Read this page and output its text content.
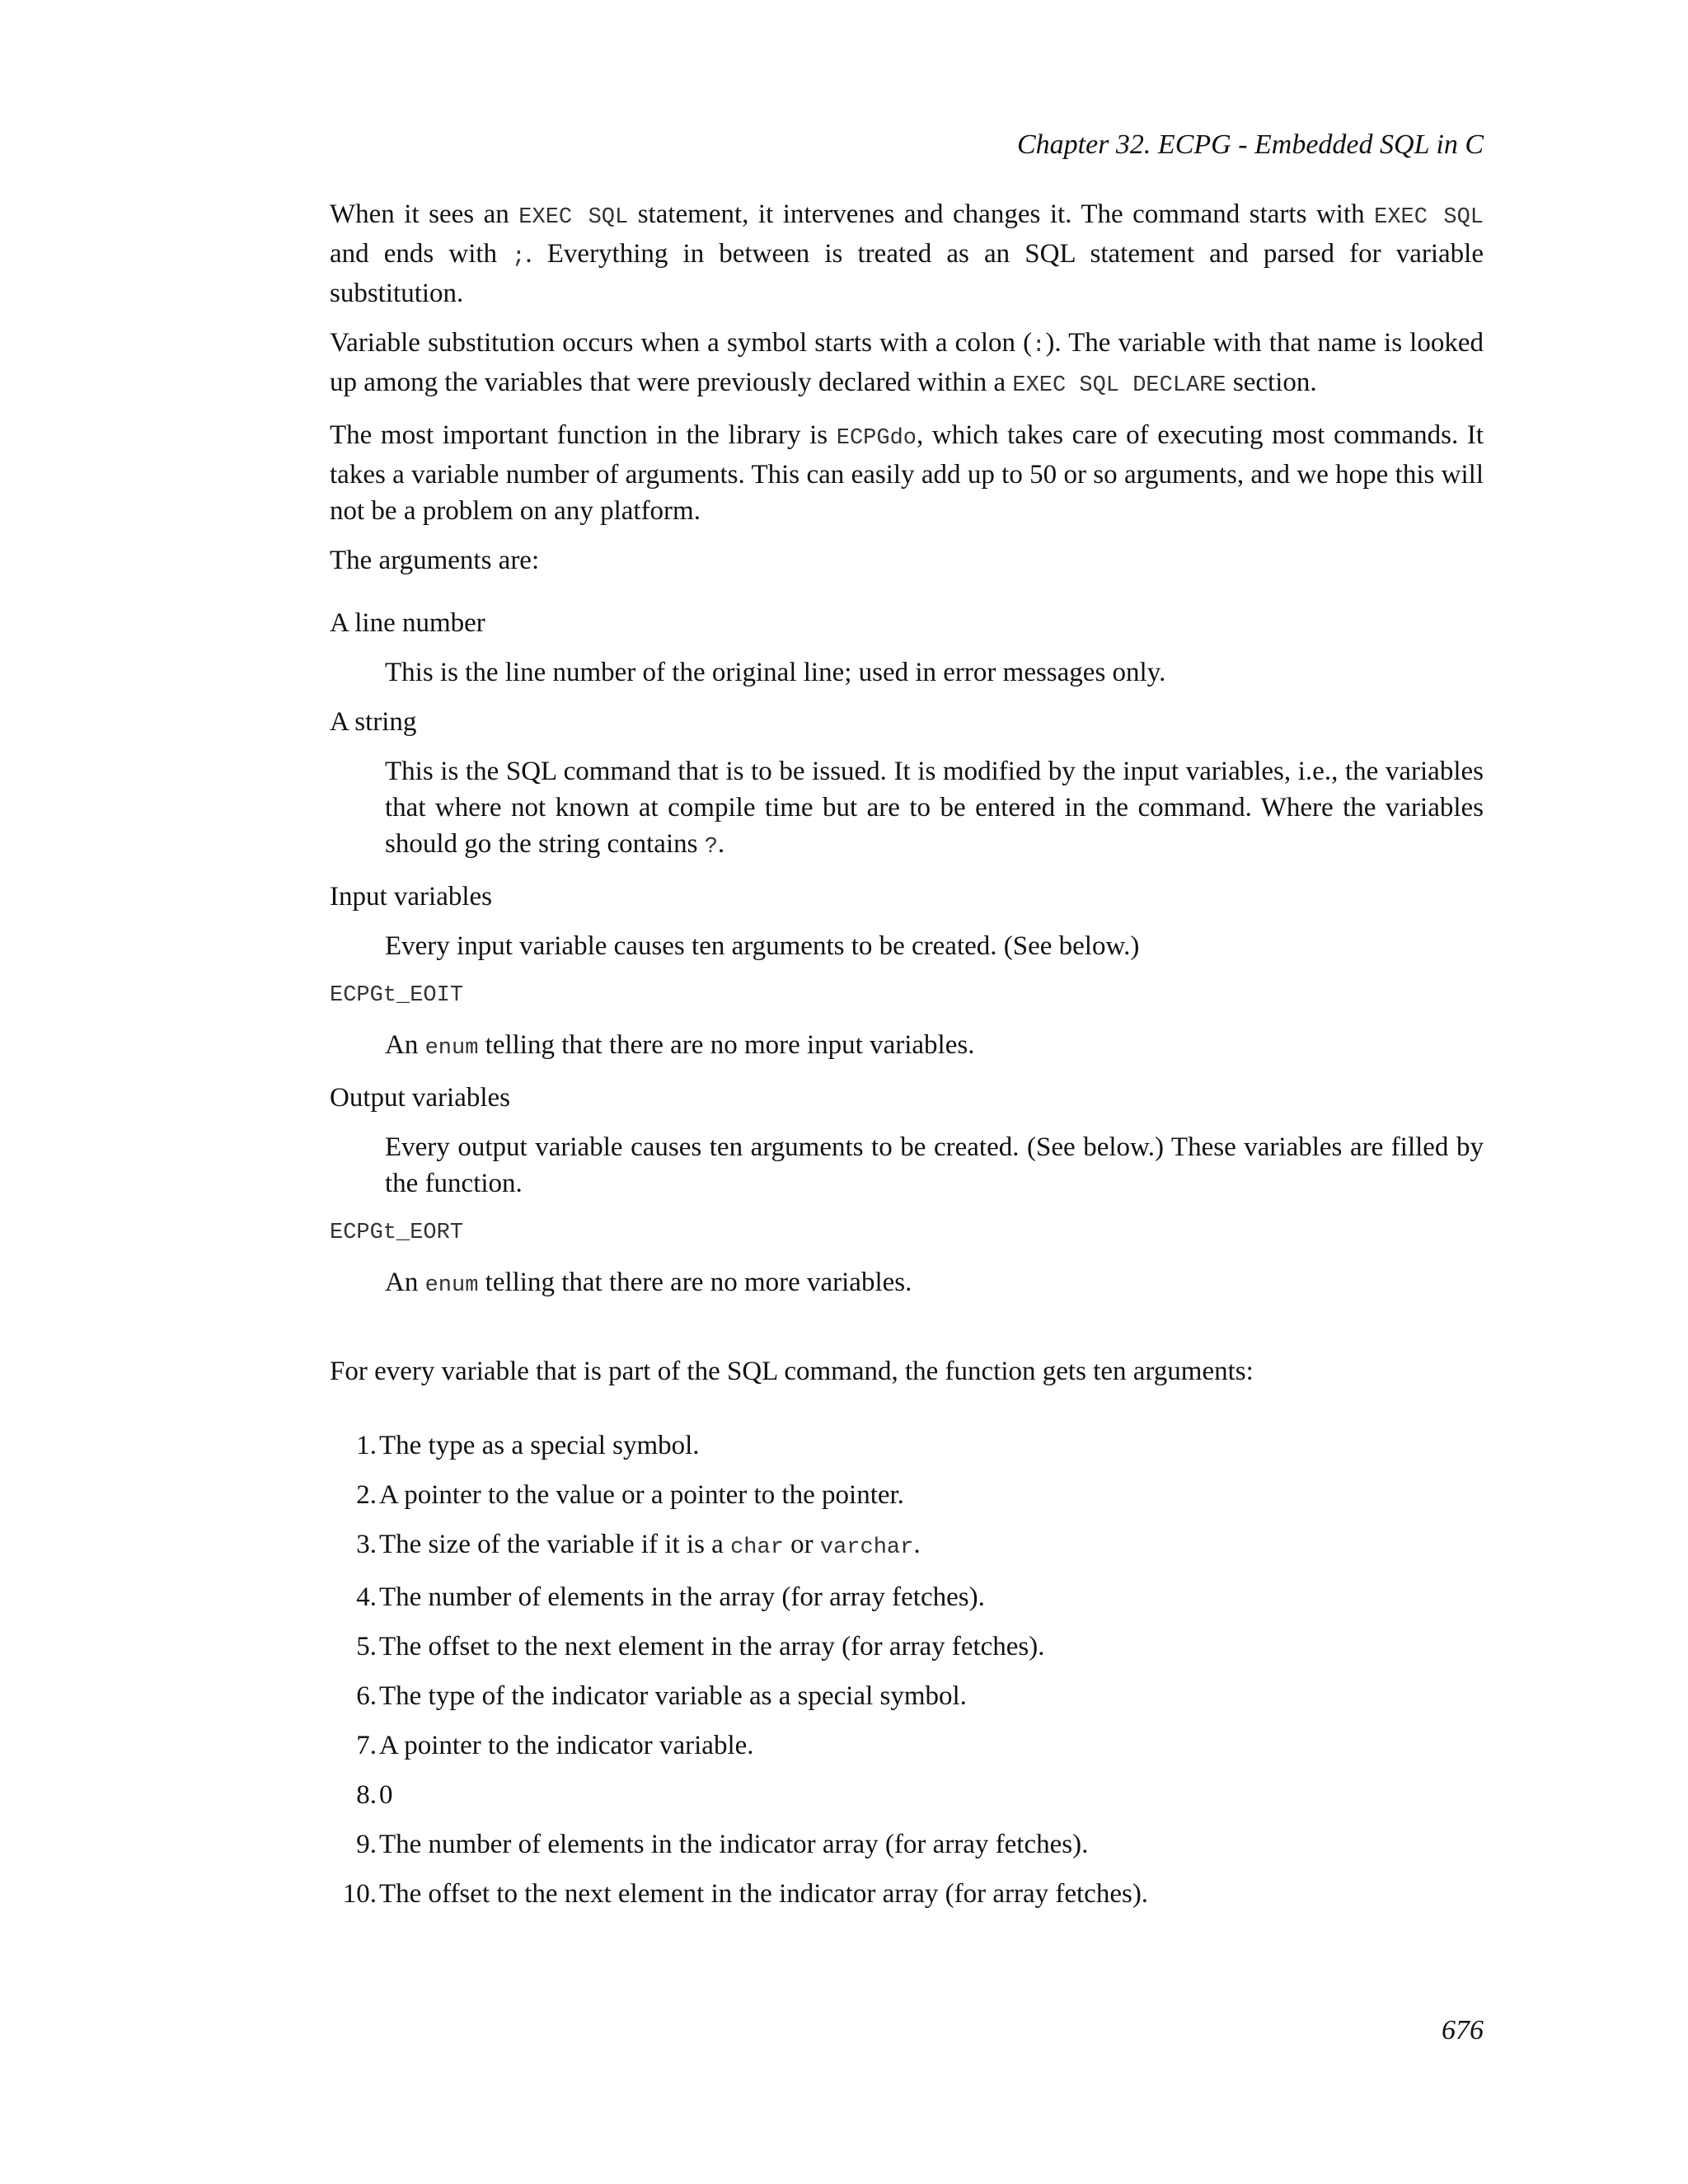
Chapter 32. ECPG - Embedded SQL in C

When it sees an EXEC SQL statement, it intervenes and changes it. The command starts with EXEC SQL and ends with ;. Everything in between is treated as an SQL statement and parsed for variable substitution.

Variable substitution occurs when a symbol starts with a colon (:). The variable with that name is looked up among the variables that were previously declared within a EXEC SQL DECLARE section.

The most important function in the library is ECPGdo, which takes care of executing most commands. It takes a variable number of arguments. This can easily add up to 50 or so arguments, and we hope this will not be a problem on any platform.

The arguments are:

A line number
This is the line number of the original line; used in error messages only.
A string
This is the SQL command that is to be issued. It is modified by the input variables, i.e., the variables that where not known at compile time but are to be entered in the command. Where the variables should go the string contains ?.
Input variables
Every input variable causes ten arguments to be created. (See below.)
ECPGt_EOIT
An enum telling that there are no more input variables.
Output variables
Every output variable causes ten arguments to be created. (See below.) These variables are filled by the function.
ECPGt_EORT
An enum telling that there are no more variables.

For every variable that is part of the SQL command, the function gets ten arguments:

1. The type as a special symbol.
2. A pointer to the value or a pointer to the pointer.
3. The size of the variable if it is a char or varchar.
4. The number of elements in the array (for array fetches).
5. The offset to the next element in the array (for array fetches).
6. The type of the indicator variable as a special symbol.
7. A pointer to the indicator variable.
8. 0
9. The number of elements in the indicator array (for array fetches).
10. The offset to the next element in the indicator array (for array fetches).
676
